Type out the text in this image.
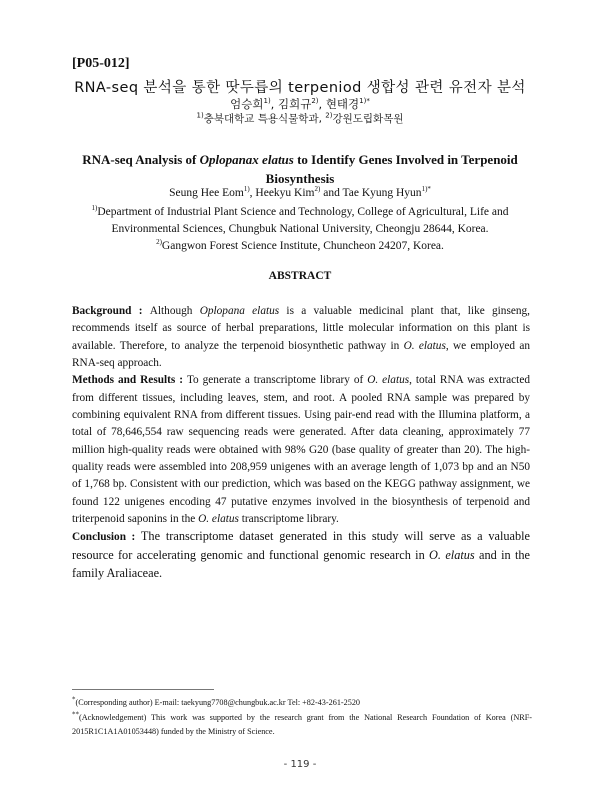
[P05-012]
RNA-seq 분석을 통한 땃두릅의 terpeniod 생합성 관련 유전자 분석
엄승희$^{1)}$, 김희규$^{2)}$, 현태경$^{1)*}$
$^{1)}$충북대학교 특용식물학과, $^{2)}$강원도립화목원
RNA-seq Analysis of Oplopanax elatus to Identify Genes Involved in Terpenoid Biosynthesis
Seung Hee Eom$^{1)}$, Heekyu Kim$^{2)}$ and Tae Kyung Hyun$^{1)*}$
$^{1)}$Department of Industrial Plant Science and Technology, College of Agricultural, Life and Environmental Sciences, Chungbuk National University, Cheongju 28644, Korea.
$^{2)}$Gangwon Forest Science Institute, Chuncheon 24207, Korea.
ABSTRACT

Background : Although Oplopana elatus is a valuable medicinal plant that, like ginseng, recommends itself as source of herbal preparations, little molecular information on this plant is available. Therefore, to analyze the terpenoid biosynthetic pathway in O. elatus, we employed an RNA-seq approach.

Methods and Results : To generate a transcriptome library of O. elatus, total RNA was extracted from different tissues, including leaves, stem, and root. A pooled RNA sample was prepared by combining equivalent RNA from different tissues. Using pair-end read with the Illumina platform, a total of 78,646,554 raw sequencing reads were generated. After data cleaning, approximately 77 million high-quality reads were obtained with 98% G20 (base quality of greater than 20). The high-quality reads were assembled into 208,959 unigenes with an average length of 1,073 bp and an N50 of 1,768 bp. Consistent with our prediction, which was based on the KEGG pathway assignment, we found 122 unigenes encoding 47 putative enzymes involved in the biosynthesis of terpenoid and triterpenoid saponins in the O. elatus transcriptome library.

Conclusion : The transcriptome dataset generated in this study will serve as a valuable resource for accelerating genomic and functional genomic research in O. elatus and in the family Araliaceae.

*(Corresponding author) E-mail: taekyung7708@chungbuk.ac.kr Tel: +82-43-261-2520

**(Acknowledgement) This work was supported by the research grant from the National Research Foundation of Korea (NRF-2015R1C1A1A01053448) funded by the Ministry of Science.

- 119 -
